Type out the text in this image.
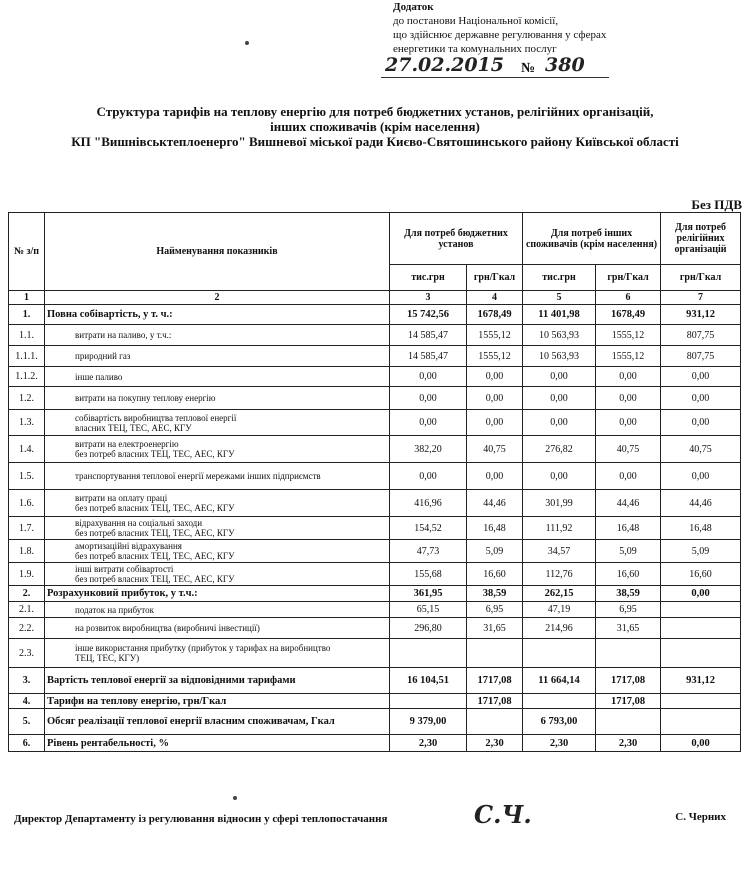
Додаток
до постанови Національної комісії,
що здійснює державне регулювання у сферах
енергетики та комунальних послуг
27.02.2015 № 380
Структура тарифів на теплову енергію для потреб бюджетних установ, релігійних організацій,
інших споживачів (крім населення)
КП "Вишнівськтеплоенерго" Вишневої міської ради Києво-Святошинського району Київської області
Без ПДВ
№ з/п	Найменування показників	Для потреб бюджетних установ		Для потреб інших споживачів (крім населення)		Для потреб релігійних організацій
		тис.грн	грн/Гкал	тис.грн	грн/Гкал	грн/Гкал
1	2	3	4	5	6	7
1.	Повна собівартість, у т. ч.:	15 742,56	1678,49	11 401,98	1678,49	931,12
1.1.	витрати на паливо, у т.ч.:	14 585,47	1555,12	10 563,93	1555,12	807,75
1.1.1.	природний газ	14 585,47	1555,12	10 563,93	1555,12	807,75
1.1.2.	інше паливо	0,00	0,00	0,00	0,00	0,00
1.2.	витрати на покупну теплову енергію	0,00	0,00	0,00	0,00	0,00
1.3.	собівартість виробництва теплової енергії
власних ТЕЦ, ТЕС, АЕС, КГУ	0,00	0,00	0,00	0,00	0,00
1.4.	витрати на електроенергію
без потреб власних ТЕЦ, ТЕС, АЕС, КГУ	382,20	40,75	276,82	40,75	40,75
1.5.	транспортування теплової енергії мережами інших підприємств	0,00	0,00	0,00	0,00	0,00
1.6.	витрати на оплату праці
без потреб власних ТЕЦ, ТЕС, АЕС, КГУ	416,96	44,46	301,99	44,46	44,46
1.7.	відрахування на соціальні заходи
без потреб власних ТЕЦ, ТЕС, АЕС, КГУ	154,52	16,48	111,92	16,48	16,48
1.8.	амортизаційні відрахування
без потреб власних ТЕЦ, ТЕС, АЕС, КГУ	47,73	5,09	34,57	5,09	5,09
1.9.	інші витрати собівартості
без потреб власних ТЕЦ, ТЕС, АЕС, КГУ	155,68	16,60	112,76	16,60	16,60
2.	Розрахунковий прибуток, у т.ч.:	361,95	38,59	262,15	38,59	0,00
2.1.	податок на прибуток	65,15	6,95	47,19	6,95	
2.2.	на розвиток виробництва (виробничі інвестиції)	296,80	31,65	214,96	31,65	
2.3.	інше використання прибутку (прибуток у тарифах на виробництво
ТЕЦ, ТЕС, КГУ)					

3.	Вартість теплової енергії за відповідними тарифами	16 104,51	1717,08	11 664,14	1717,08	931,12
4.	Тарифи на теплову енергію, грн/Гкал		1717,08		1717,08	
5.	Обсяг реалізації теплової енергії власним споживачам, Гкал	9 379,00		6 793,00		
6.	Рівень рентабельності, %	2,30	2,30	2,30	2,30	0,00
Директор Департаменту із регулювання відносин у сфері теплопостачання	С.Ч.	С. Черних
